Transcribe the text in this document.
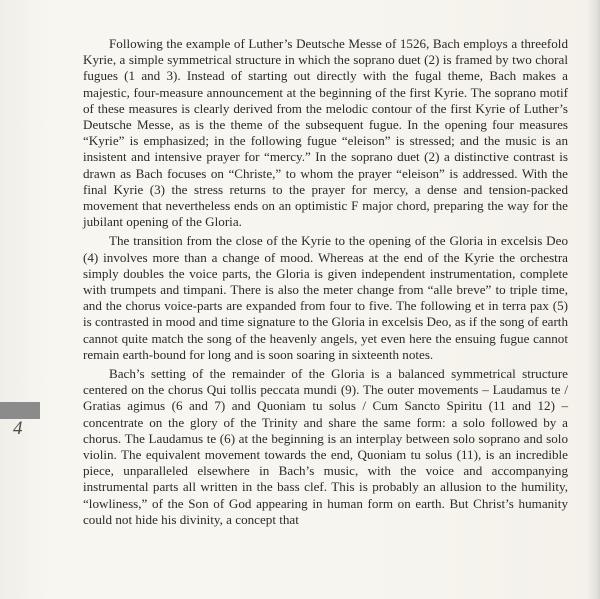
4

Following the example of Luther’s Deutsche Messe of 1526, Bach employs a threefold Kyrie, a simple symmetrical structure in which the soprano duet (2) is framed by two choral fugues (1 and 3). Instead of starting out directly with the fugal theme, Bach makes a majestic, four-measure announcement at the beginning of the first Kyrie. The soprano motif of these measures is clearly derived from the melodic contour of the first Kyrie of Luther’s Deutsche Messe, as is the theme of the subsequent fugue. In the opening four measures “Kyrie” is emphasized; in the following fugue “eleison” is stressed; and the music is an insistent and intensive prayer for “mercy.” In the soprano duet (2) a distinctive contrast is drawn as Bach focuses on “Christe,” to whom the prayer “eleison” is addressed. With the final Kyrie (3) the stress returns to the prayer for mercy, a dense and tension-packed movement that nevertheless ends on an optimistic F major chord, preparing the way for the jubilant opening of the Gloria.

The transition from the close of the Kyrie to the opening of the Gloria in excelsis Deo (4) involves more than a change of mood. Whereas at the end of the Kyrie the orchestra simply doubles the voice parts, the Gloria is given independent instrumentation, complete with trumpets and timpani. There is also the meter change from “alle breve” to triple time, and the chorus voice-parts are expanded from four to five. The following et in terra pax (5) is contrasted in mood and time signature to the Gloria in excelsis Deo, as if the song of earth cannot quite match the song of the heavenly angels, yet even here the ensuing fugue cannot remain earth-bound for long and is soon soaring in sixteenth notes.

Bach’s setting of the remainder of the Gloria is a balanced symmetrical structure centered on the chorus Qui tollis peccata mundi (9). The outer movements – Laudamus te / Gratias agimus (6 and 7) and Quoniam tu solus / Cum Sancto Spiritu (11 and 12) – concentrate on the glory of the Trinity and share the same form: a solo followed by a chorus. The Laudamus te (6) at the beginning is an interplay between solo soprano and solo violin. The equivalent movement towards the end, Quoniam tu solus (11), is an incredible piece, unparalleled elsewhere in Bach’s music, with the voice and accompanying instrumental parts all written in the bass clef. This is probably an allusion to the humility, “lowliness,” of the Son of God appearing in human form on earth. But Christ’s humanity could not hide his divinity, a concept that
